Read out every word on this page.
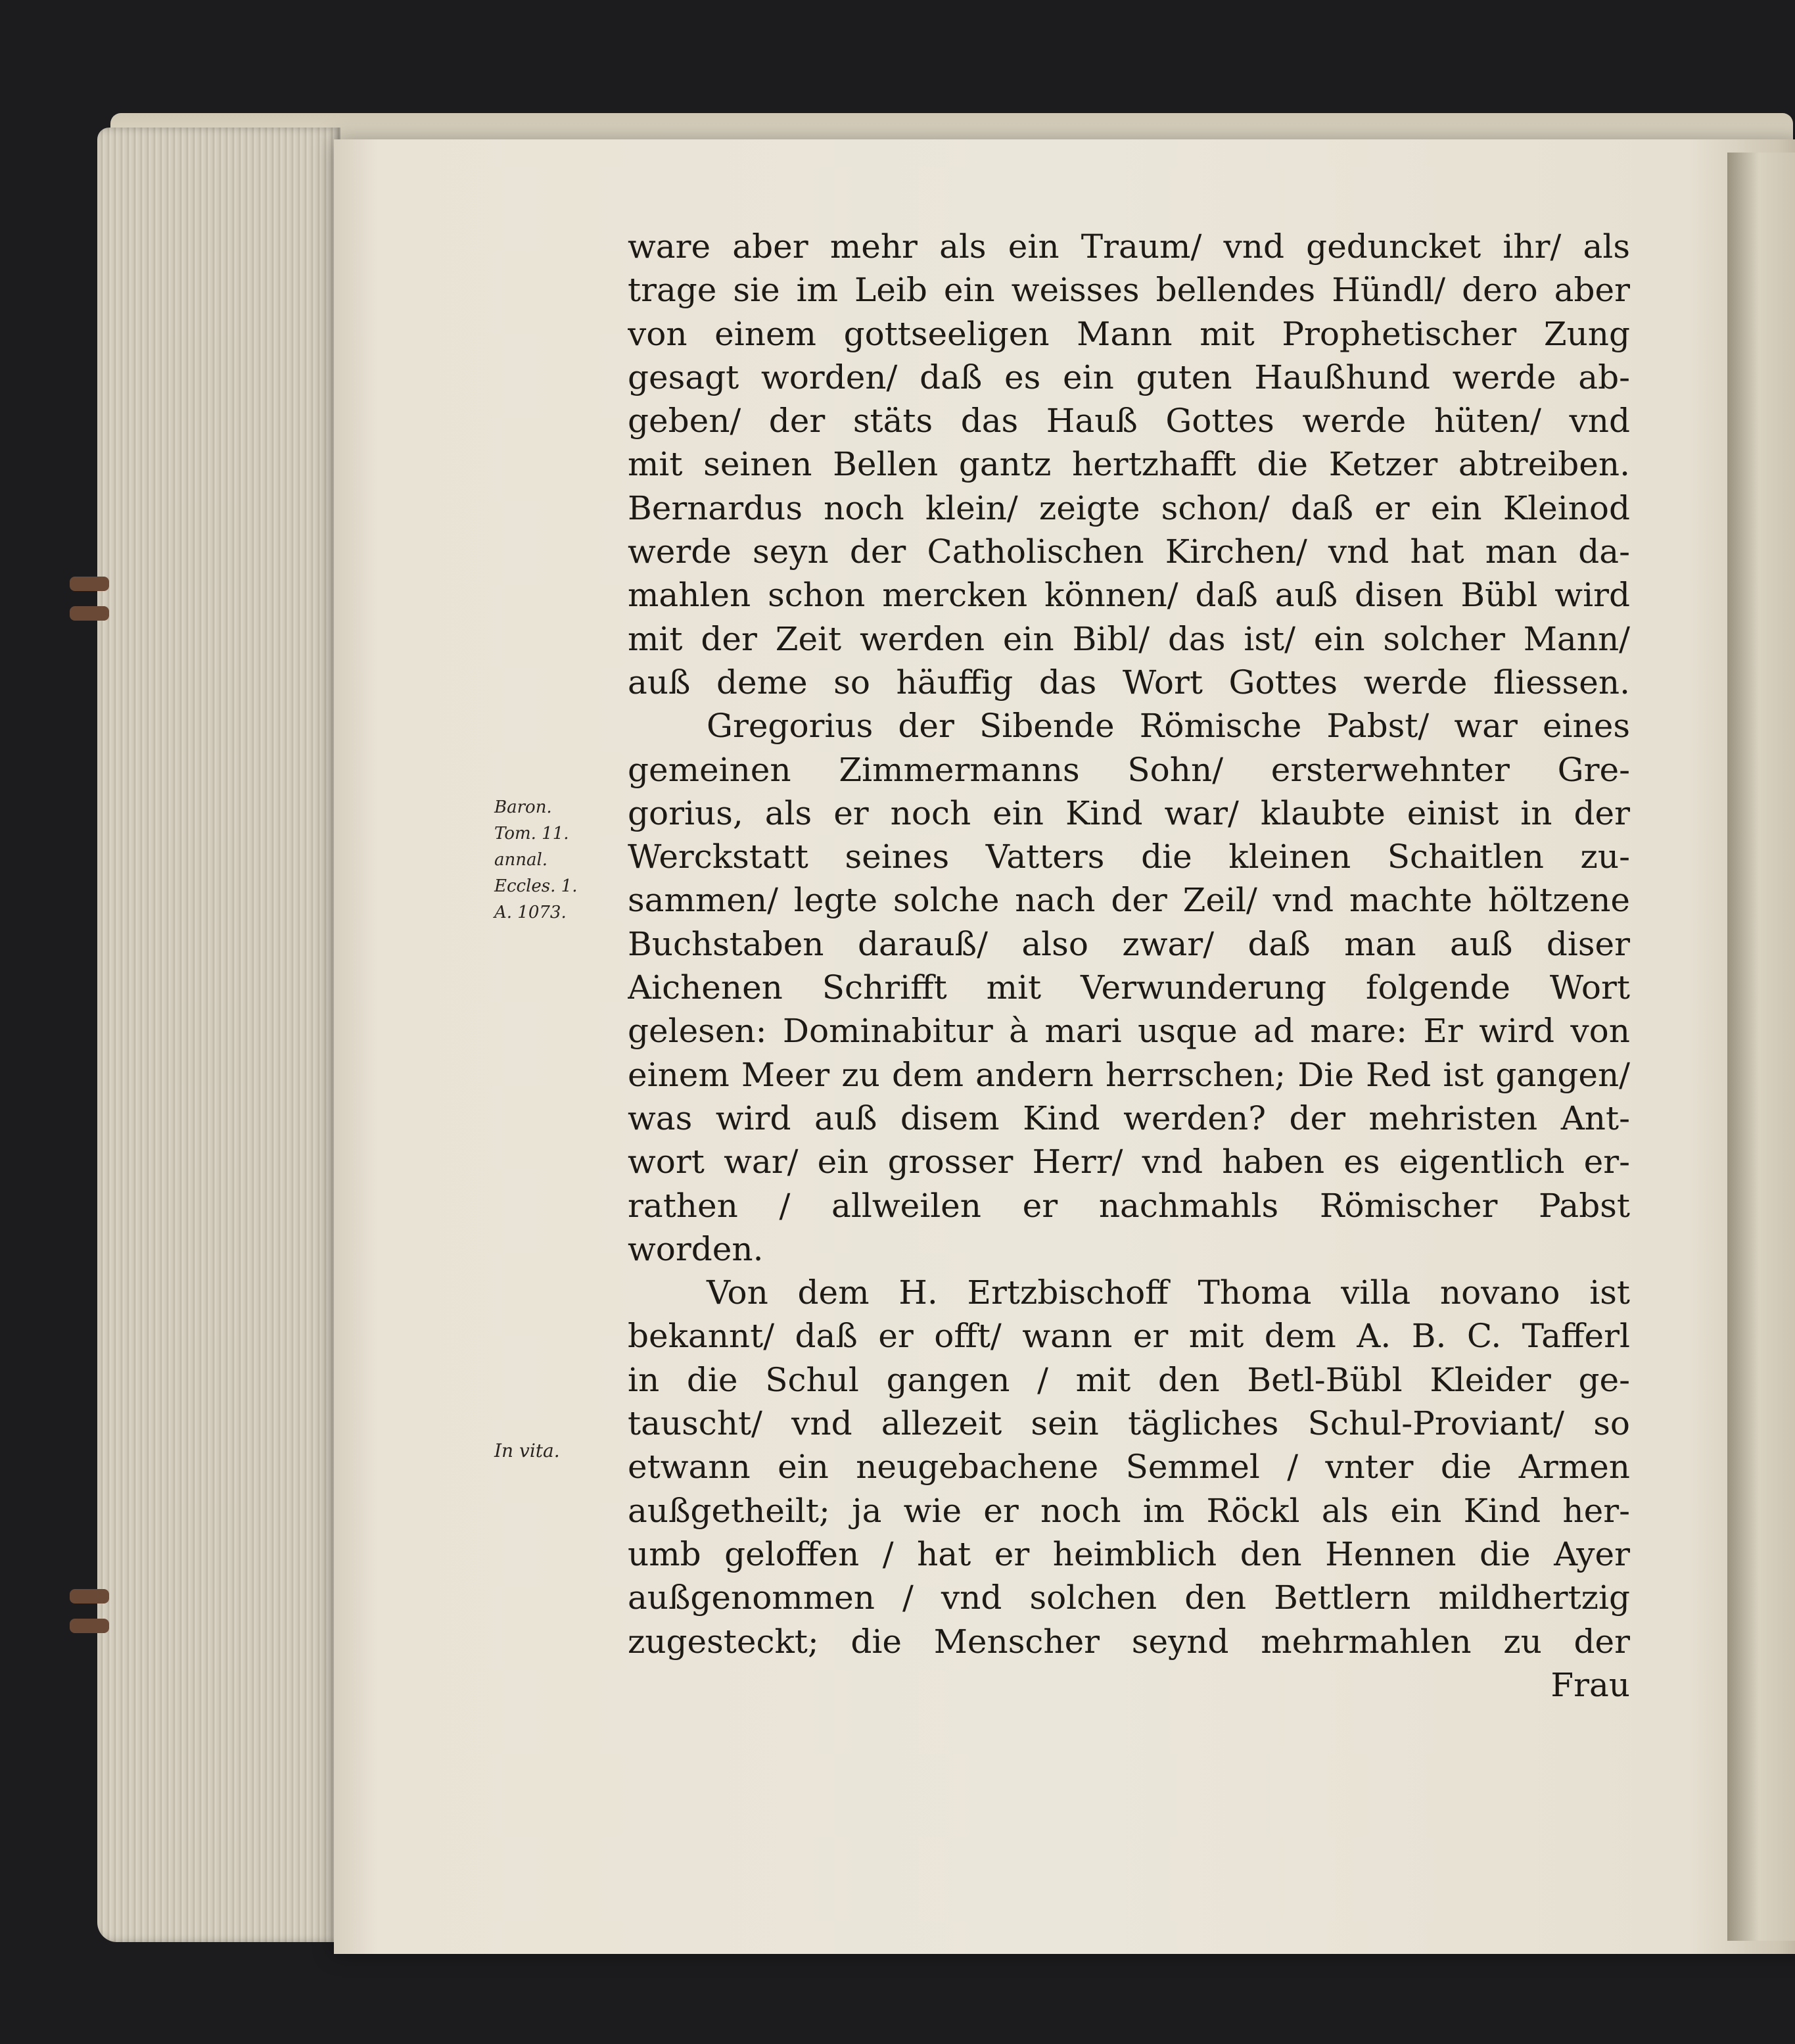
Baron.
Tom. 11.
annal.
Eccles. 1.
A. 1073.
In vita.
ware aber mehr als ein Traum/ vnd geduncket ihr/ als
trage sie im Leib ein weisses bellendes Hündl/ dero aber
von einem gottseeligen Mann mit Prophetischer Zung
gesagt worden/ daß es ein guten Haußhund werde ab-
geben/ der stäts das Hauß Gottes werde hüten/ vnd
mit seinen Bellen gantz hertzhafft die Ketzer abtreiben.
Bernardus noch klein/ zeigte schon/ daß er ein Kleinod
werde seyn der Catholischen Kirchen/ vnd hat man da-
mahlen schon mercken können/ daß auß disen Bübl wird
mit der Zeit werden ein Bibl/ das ist/ ein solcher Mann/
auß deme so häuffig das Wort Gottes werde fliessen.
Gregorius der Sibende Römische Pabst/ war eines
gemeinen Zimmermanns Sohn/ ersterwehnter Gre-
gorius, als er noch ein Kind war/ klaubte einist in der
Werckstatt seines Vatters die kleinen Schaitlen zu-
sammen/ legte solche nach der Zeil/ vnd machte höltzene
Buchstaben darauß/ also zwar/ daß man auß diser
Aichenen Schrifft mit Verwunderung folgende Wort
gelesen: Dominabitur à mari usque ad mare: Er wird von
einem Meer zu dem andern herrschen; Die Red ist gangen/
was wird auß disem Kind werden? der mehristen Ant-
wort war/ ein grosser Herr/ vnd haben es eigentlich er-
rathen / allweilen er nachmahls Römischer Pabst
worden.
Von dem H. Ertzbischoff Thoma villa novano ist
bekannt/ daß er offt/ wann er mit dem A. B. C. Tafferl
in die Schul gangen / mit den Betl-Bübl Kleider ge-
tauscht/ vnd allezeit sein tägliches Schul-Proviant/ so
etwann ein neugebachene Semmel / vnter die Armen
außgetheilt; ja wie er noch im Röckl als ein Kind her-
umb geloffen / hat er heimblich den Hennen die Ayer
außgenommen / vnd solchen den Bettlern mildhertzig
zugesteckt; die Menscher seynd mehrmahlen zu der
Frau
